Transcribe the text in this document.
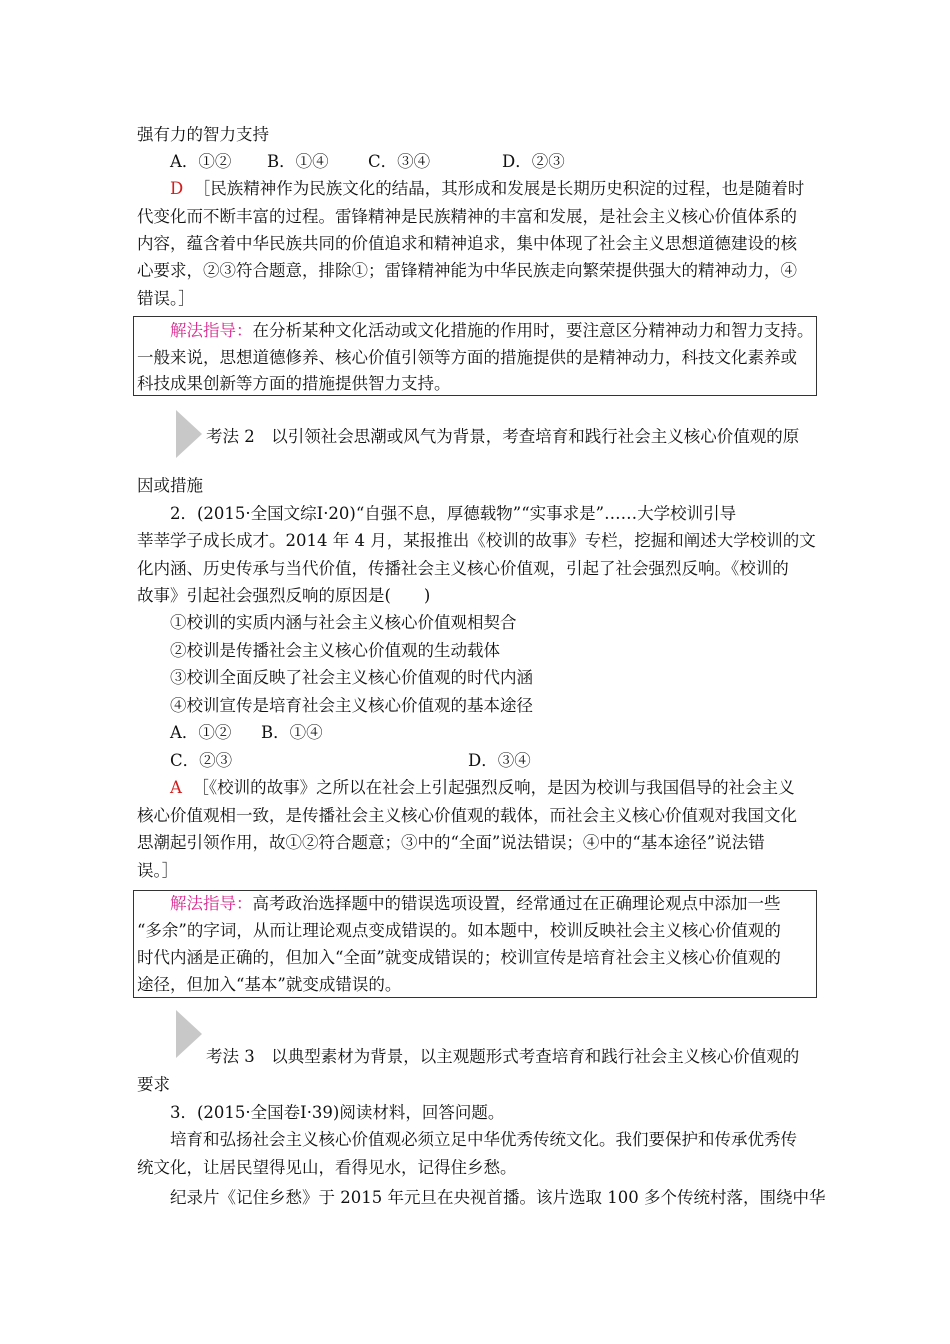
强有力的智力支持
A．①② B．①④ C．③④	D．②③
D ［民族精神作为民族文化的结晶，其形成和发展是长期历史积淀的过程，也是随着时
代变化而不断丰富的过程。雷锋精神是民族精神的丰富和发展，是社会主义核心价值体系的
内容，蕴含着中华民族共同的价值追求和精神追求，集中体现了社会主义思想道德建设的核
心要求，②③符合题意，排除①；雷锋精神能为中华民族走向繁荣提供强大的精神动力，④
错误。］
解法指导：在分析某种文化活动或文化措施的作用时，要注意区分精神动力和智力支持。
一般来说，思想道德修养、核心价值引领等方面的措施提供的是精神动力，科技文化素养或
科技成果创新等方面的措施提供智力支持。
考法 2　以引领社会思潮或风气为背景，考查培育和践行社会主义核心价值观的原
因或措施
2．(2015·全国文综Ⅰ·20)“自强不息，厚德载物”“实事求是”……大学校训引导
莘莘学子成长成才。2014 年 4 月，某报推出《校训的故事》专栏，挖掘和阐述大学校训的文
化内涵、历史传承与当代价值，传播社会主义核心价值观，引起了社会强烈反响。《校训的
故事》引起社会强烈反响的原因是(　　)
①校训的实质内涵与社会主义核心价值观相契合
②校训是传播社会主义核心价值观的生动载体
③校训全面反映了社会主义核心价值观的时代内涵
④校训宣传是培育社会主义核心价值观的基本途径
A．①② B．①④
C．②③	D．③④
A ［《校训的故事》之所以在社会上引起强烈反响，是因为校训与我国倡导的社会主义
核心价值观相一致，是传播社会主义核心价值观的载体，而社会主义核心价值观对我国文化
思潮起引领作用，故①②符合题意；③中的“全面”说法错误；④中的“基本途径”说法错
误。］
解法指导：高考政治选择题中的错误选项设置，经常通过在正确理论观点中添加一些
“多余”的字词，从而让理论观点变成错误的。如本题中，校训反映社会主义核心价值观的
时代内涵是正确的，但加入“全面”就变成错误的；校训宣传是培育社会主义核心价值观的
途径，但加入“基本”就变成错误的。
考法 3　以典型素材为背景，以主观题形式考查培育和践行社会主义核心价值观的
要求
3．(2015·全国卷Ⅰ·39)阅读材料，回答问题。
培育和弘扬社会主义核心价值观必须立足中华优秀传统文化。我们要保护和传承优秀传
统文化，让居民望得见山，看得见水，记得住乡愁。
纪录片《记住乡愁》于 2015 年元旦在央视首播。该片选取 100 多个传统村落，围绕中华
